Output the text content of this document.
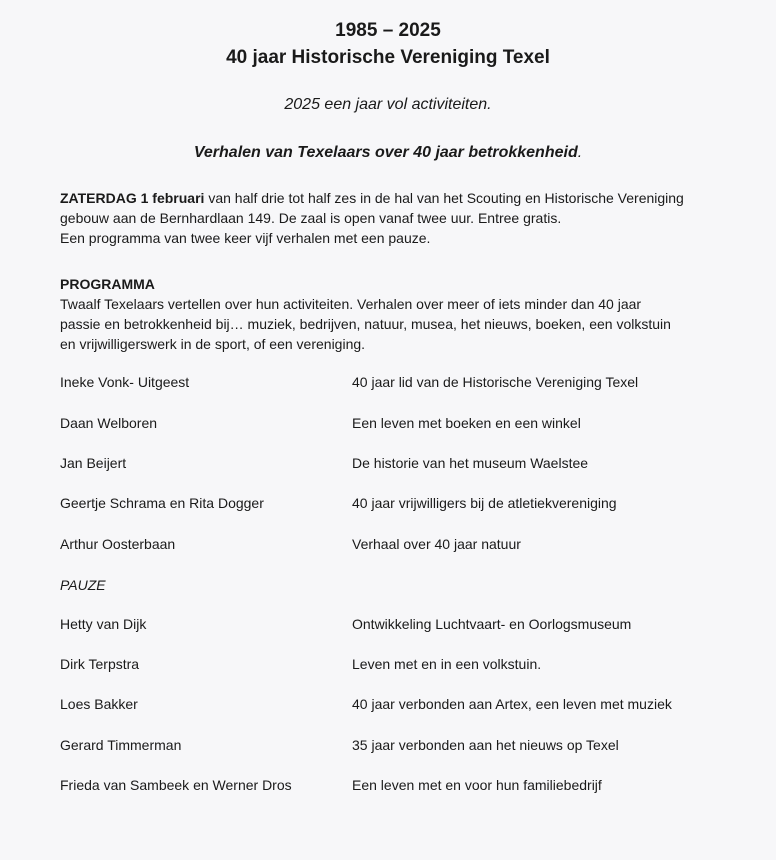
1985 – 2025
40 jaar Historische Vereniging Texel
2025 een jaar vol activiteiten.
Verhalen van Texelaars over 40 jaar betrokkenheid.
ZATERDAG 1 februari van half drie tot half zes in de hal van het Scouting en Historische Vereniging
gebouw aan de Bernhardlaan 149. De zaal is open vanaf twee uur. Entree gratis.
Een programma van twee keer vijf verhalen met een pauze.
PROGRAMMA
Twaalf Texelaars vertellen over hun activiteiten. Verhalen over meer of iets minder dan 40 jaar
passie en betrokkenheid bij… muziek, bedrijven, natuur, musea, het nieuws, boeken, een volkstuin
en vrijwilligerswerk in de sport, of een vereniging.
Ineke Vonk- Uitgeest	40 jaar lid van de Historische Vereniging Texel
Daan Welboren	Een leven met boeken en een winkel
Jan Beijert	De historie van het museum Waelstee
Geertje Schrama en Rita Dogger	40 jaar vrijwilligers bij de atletiekvereniging
Arthur Oosterbaan	Verhaal over 40 jaar natuur
PAUZE
Hetty van Dijk	Ontwikkeling Luchtvaart- en Oorlogsmuseum
Dirk Terpstra	Leven met en in een volkstuin.
Loes Bakker	40 jaar verbonden aan Artex, een leven met muziek
Gerard Timmerman	35 jaar verbonden aan het nieuws op Texel
Frieda van Sambeek en Werner Dros	Een leven met en voor hun familiebedrijf
